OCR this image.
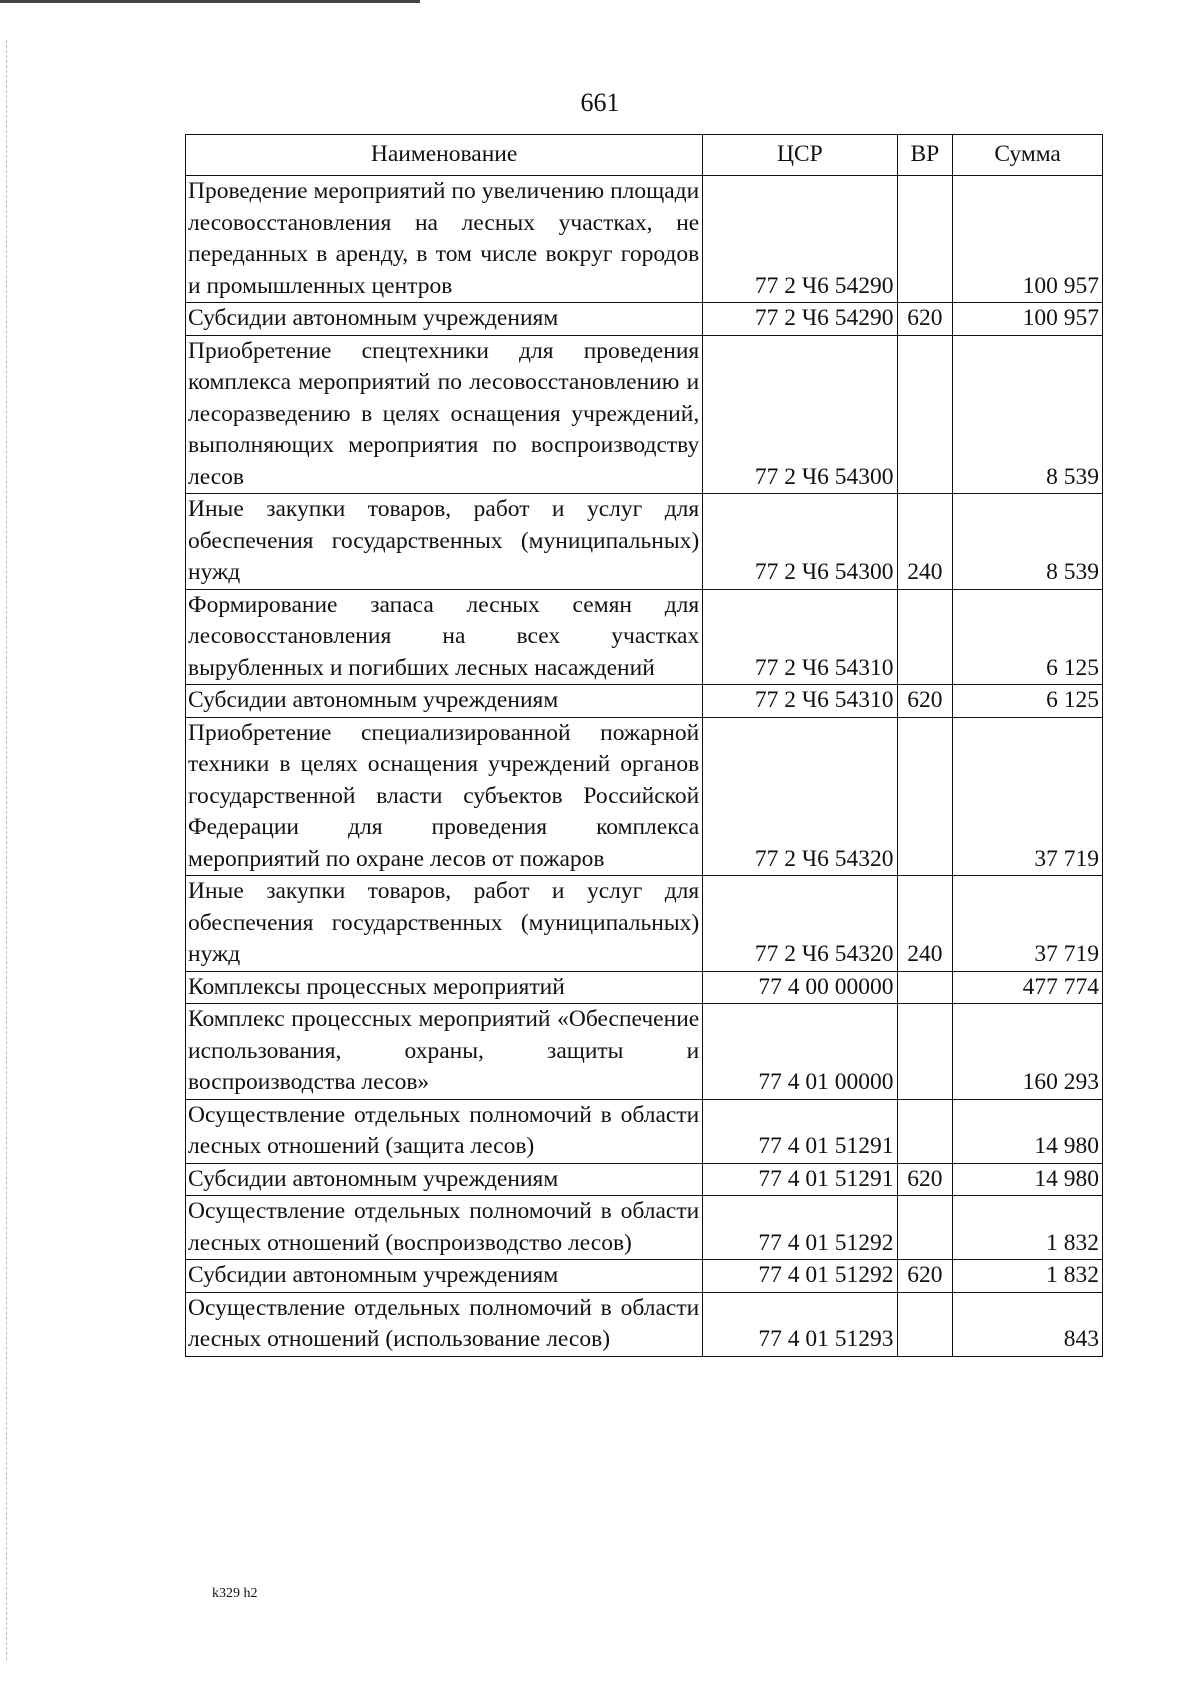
661
Наименование	ЦСР	ВР	Сумма
Проведение мероприятий по увеличению площади лесовосстановления на лесных участках, не переданных в аренду, в том числе вокруг городов и промышленных центров	77 2 Ч6 54290		100 957
Субсидии автономным учреждениям	77 2 Ч6 54290	620	100 957
Приобретение спецтехники для проведения комплекса мероприятий по лесовосстановлению и лесоразведению в целях оснащения учреждений, выполняющих мероприятия по воспроизводству лесов	77 2 Ч6 54300		8 539
Иные закупки товаров, работ и услуг для обеспечения государственных (муниципальных) нужд	77 2 Ч6 54300	240	8 539
Формирование запаса лесных семян для лесовосстановления на всех участках вырубленных и погибших лесных насаждений	77 2 Ч6 54310		6 125
Субсидии автономным учреждениям	77 2 Ч6 54310	620	6 125
Приобретение специализированной пожарной техники в целях оснащения учреждений органов государственной власти субъектов Российской Федерации для проведения комплекса мероприятий по охране лесов от пожаров	77 2 Ч6 54320		37 719
Иные закупки товаров, работ и услуг для обеспечения государственных (муниципальных) нужд	77 2 Ч6 54320	240	37 719
Комплексы процессных мероприятий	77 4 00 00000		477 774
Комплекс процессных мероприятий «Обеспечение использования, охраны, защиты и воспроизводства лесов»	77 4 01 00000		160 293
Осуществление отдельных полномочий в области лесных отношений (защита лесов)	77 4 01 51291		14 980
Субсидии автономным учреждениям	77 4 01 51291	620	14 980
Осуществление отдельных полномочий в области лесных отношений (воспроизводство лесов)	77 4 01 51292		1 832
Субсидии автономным учреждениям	77 4 01 51292	620	1 832
Осуществление отдельных полномочий в области лесных отношений (использование лесов)	77 4 01 51293		843
k329 h2
